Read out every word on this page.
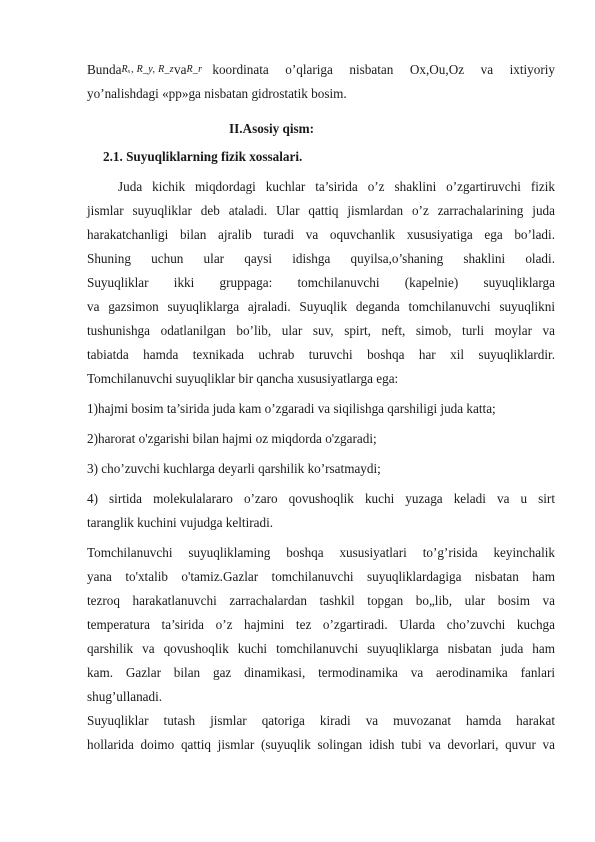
Bunda Rₓ, R_y, R_z va R_r koordinata o’qlariga nisbatan Ox,Ou,Oz va ixtiyoriy
yo’nalishdagi «pp»ga nisbatan gidrostatik bosim.
II.Asosiy qism:
2.1. Suyuqliklarning fizik xossalari.
Juda kichik miqdordagi kuchlar ta’sirida o’z shaklini o’zgartiruvchi fizik
jismlar suyuqliklar deb ataladi. Ular qattiq jismlardan o’z zarrachalarining juda
harakatchanligi bilan ajralib turadi va oquvchanlik xususiyatiga ega bo’ladi.
Shuning uchun ular qaysi idishga quyilsa,o’shaning shaklini oladi.
Suyuqliklar ikki gruppaga: tomchilanuvchi (kapelnie) suyuqliklarga
va gazsimon suyuqliklarga ajraladi. Suyuqlik deganda tomchilanuvchi suyuqlikni
tushunishga odatlanilgan bo’lib, ular suv, spirt, neft, simob, turli moylar va
tabiatda hamda texnikada uchrab turuvchi boshqa har xil suyuqliklardir.
Tomchilanuvchi suyuqliklar bir qancha xususiyatlarga ega:
1)hajmi bosim ta’sirida juda kam o’zgaradi va siqilishga qarshiligi juda katta;
2)harorat o'zgarishi bilan hajmi oz miqdorda o'zgaradi;
3) cho’zuvchi kuchlarga deyarli qarshilik ko’rsatmaydi;
4) sirtida molekulalararo o’zaro qovushoqlik kuchi yuzaga keladi va u sirt
taranglik kuchini vujudga keltiradi.
Tomchilanuvchi suyuqliklaming boshqa xususiyatlari to’g’risida keyinchalik
yana to'xtalib o'tamiz.Gazlar tomchilanuvchi suyuqliklardagiga nisbatan ham
tezroq harakatlanuvchi zarrachalardan tashkil topgan bo„lib, ular bosim va
temperatura ta’sirida o’z hajmini tez o’zgartiradi. Ularda cho’zuvchi kuchga
qarshilik va qovushoqlik kuchi tomchilanuvchi suyuqliklarga nisbatan juda ham
kam. Gazlar bilan gaz dinamikasi, termodinamika va aerodinamika fanlari
shug’ullanadi.
Suyuqliklar tutash jismlar qatoriga kiradi va muvozanat hamda harakat
hollarida doimo qattiq jismlar (suyuqlik solingan idish tubi va devorlari, quvur va
